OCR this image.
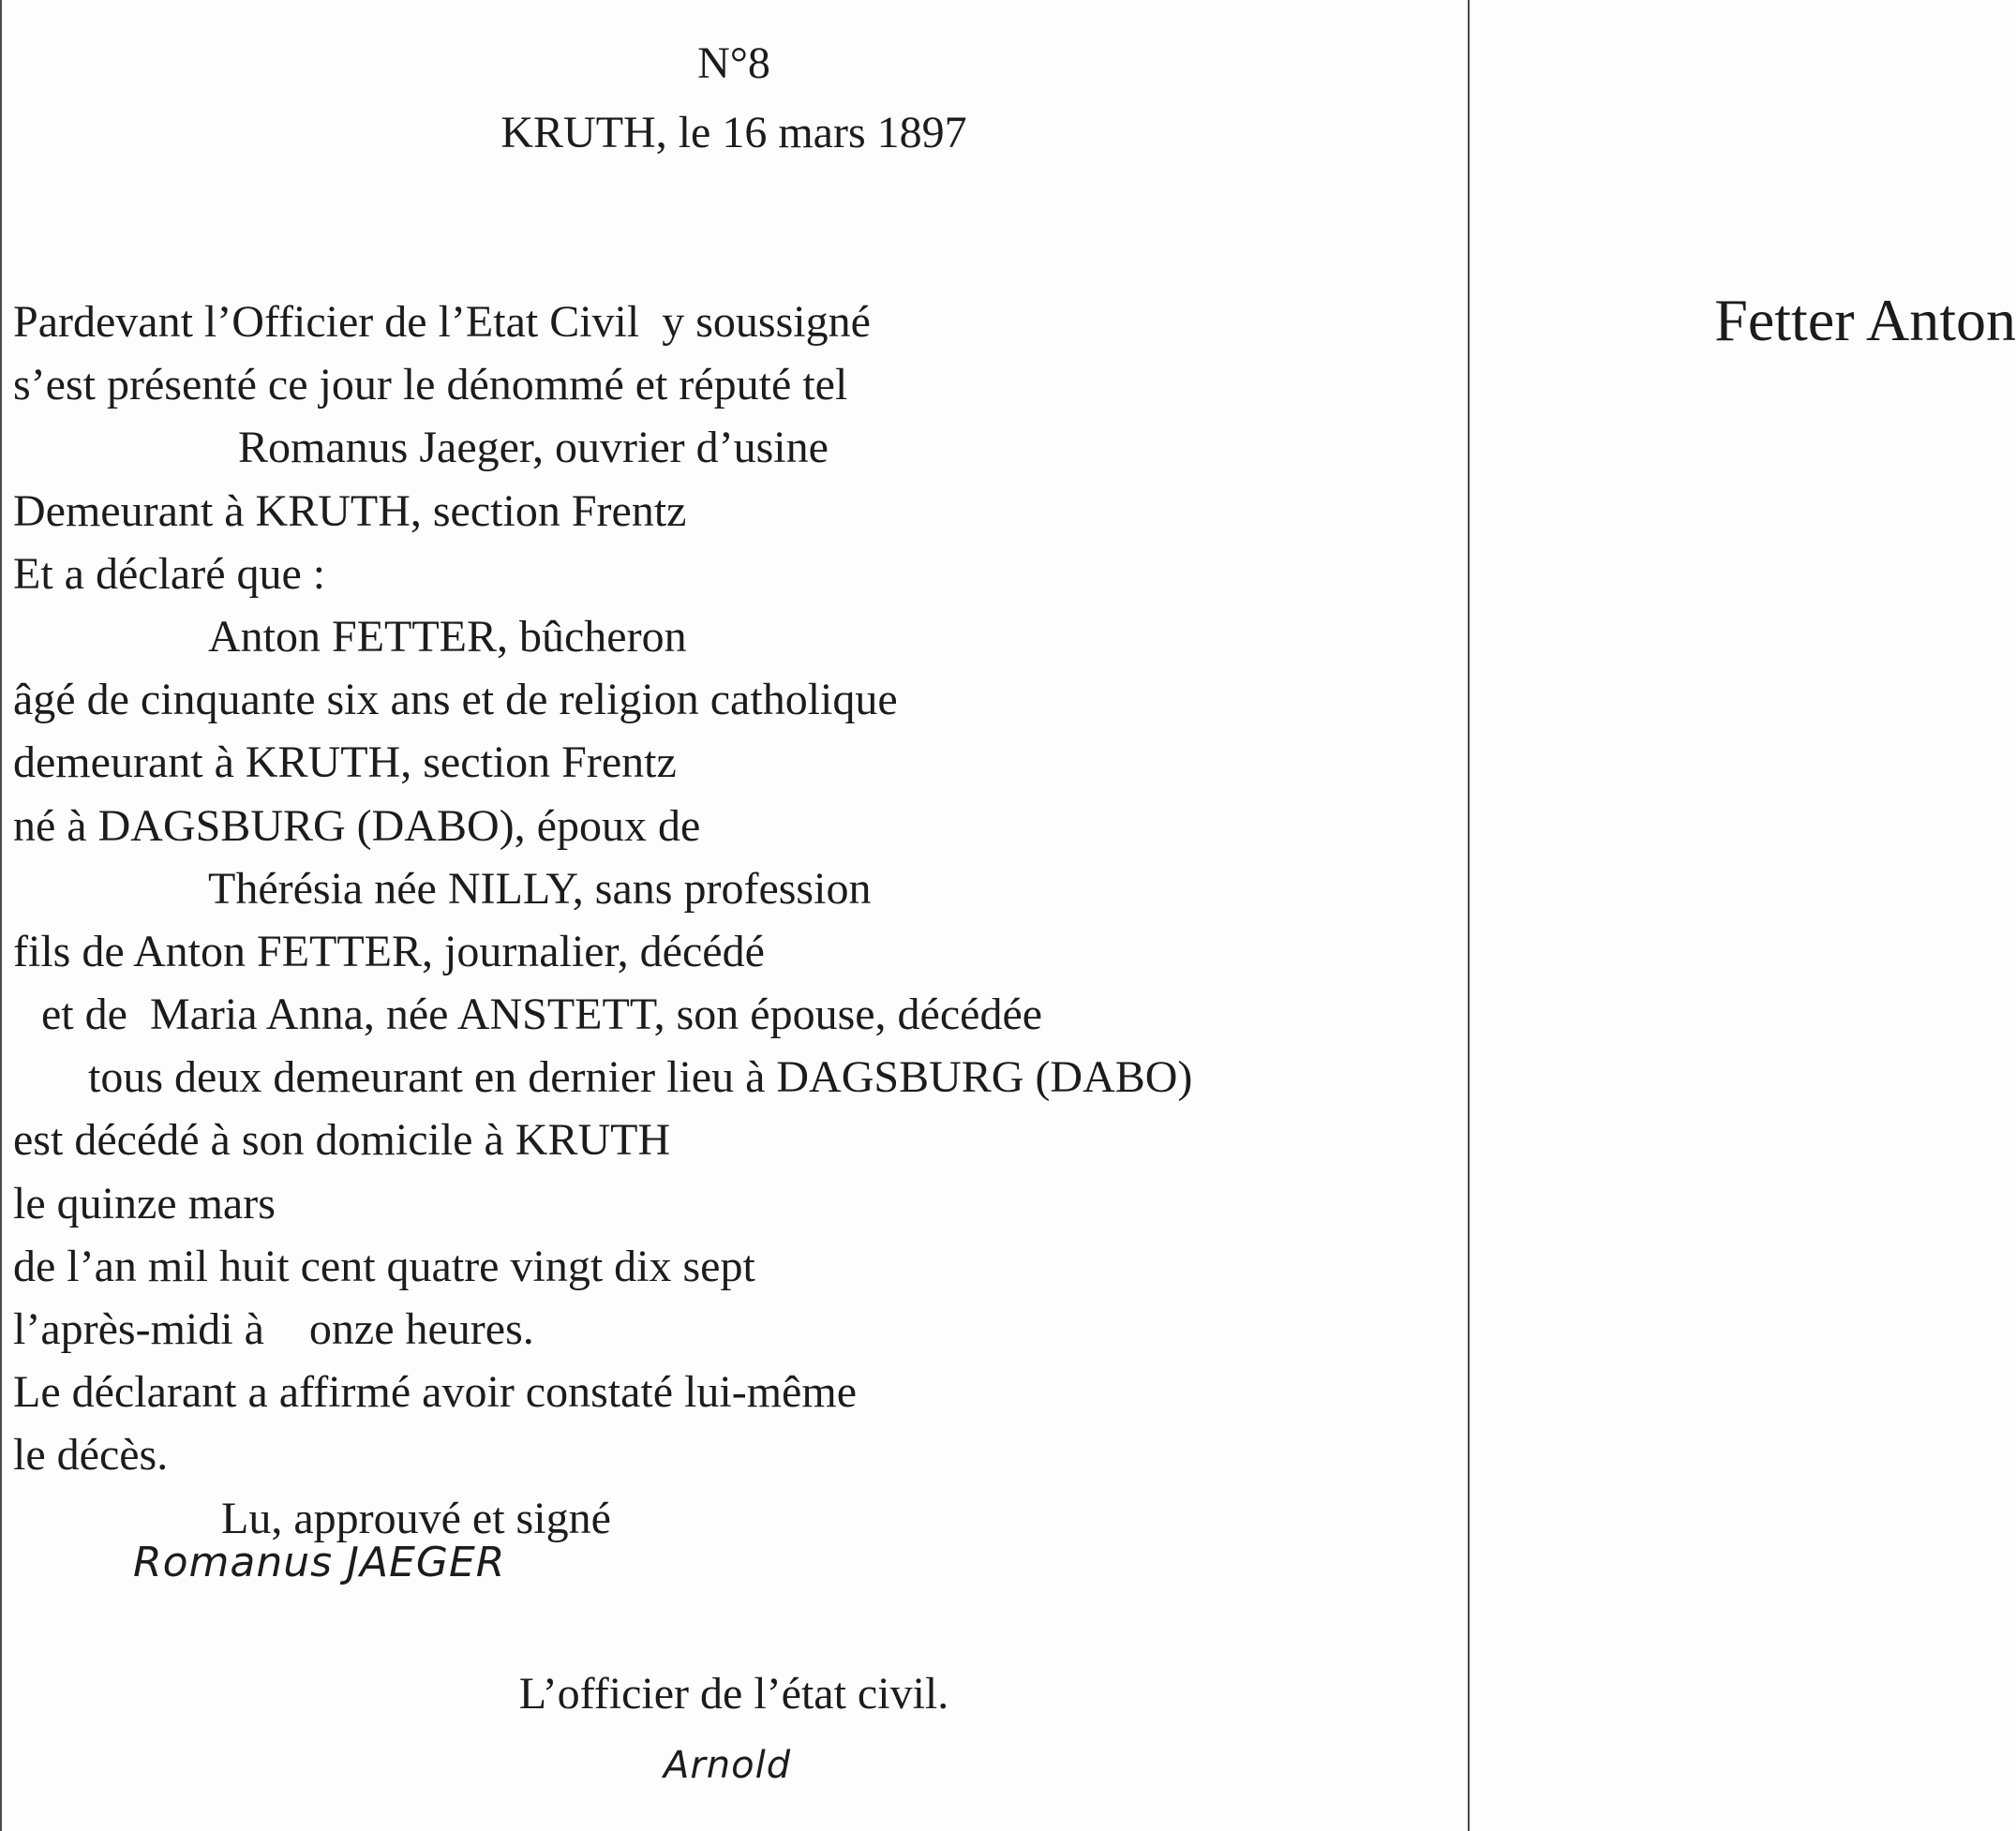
N°8
KRUTH, le 16 mars 1897
Pardevant l’Officier de l’Etat Civil  y soussigné
s’est présenté ce jour le dénommé et réputé tel
Romanus Jaeger, ouvrier d’usine
Demeurant à KRUTH, section Frentz
Et a déclaré que :
Anton FETTER, bûcheron
âgé de cinquante six ans et de religion catholique
demeurant à KRUTH, section Frentz
né à DAGSBURG (DABO), époux de
Thérésia née NILLY, sans profession
fils de Anton FETTER, journalier, décédé
et de  Maria Anna, née ANSTETT, son épouse, décédée
tous deux demeurant en dernier lieu à DAGSBURG (DABO)
est décédé à son domicile à KRUTH
le quinze mars
de l’an mil huit cent quatre vingt dix sept
l’après-midi à    onze heures.
Le déclarant a affirmé avoir constaté lui-même
le décès.
Lu, approuvé et signé
Romanus JAEGER
L’officier de l’état civil.
Arnold
Fetter Anton
